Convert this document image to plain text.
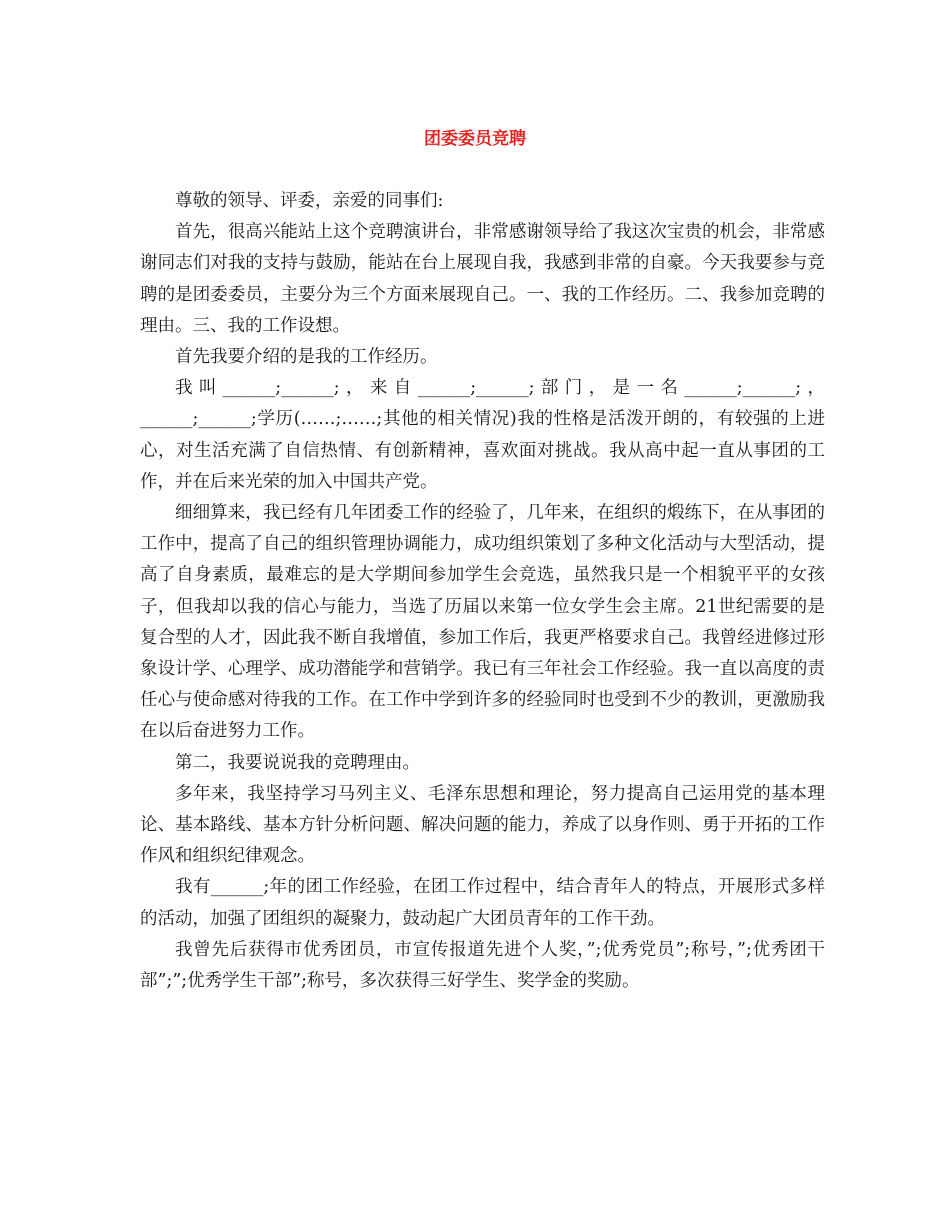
团委委员竞聘

尊敬的领导、评委，亲爱的同事们:

首先，很高兴能站上这个竞聘演讲台，非常感谢领导给了我这次宝贵的机会，非常感谢同志们对我的支持与鼓励，能站在台上展现自我，我感到非常的自豪。今天我要参与竞聘的是团委委员，主要分为三个方面来展现自己。一、我的工作经历。二、我参加竞聘的理由。三、我的工作设想。

首先我要介绍的是我的工作经历。

我叫______;______;，来自______;______;部门，是一名______;______;，______;______;学历(……;……;其他的相关情况)我的性格是活泼开朗的，有较强的上进心，对生活充满了自信热情、有创新精神，喜欢面对挑战。我从高中起一直从事团的工作，并在后来光荣的加入中国共产党。

细细算来，我已经有几年团委工作的经验了，几年来，在组织的煅练下，在从事团的工作中，提高了自己的组织管理协调能力，成功组织策划了多种文化活动与大型活动，提高了自身素质，最难忘的是大学期间参加学生会竞选，虽然我只是一个相貌平平的女孩子，但我却以我的信心与能力，当选了历届以来第一位女学生会主席。21世纪需要的是复合型的人才，因此我不断自我增值，参加工作后，我更严格要求自己。我曾经进修过形象设计学、心理学、成功潜能学和营销学。我已有三年社会工作经验。我一直以高度的责任心与使命感对待我的工作。在工作中学到许多的经验同时也受到不少的教训，更激励我在以后奋进努力工作。

第二，我要说说我的竞聘理由。

多年来，我坚持学习马列主义、毛泽东思想和理论，努力提高自己运用党的基本理论、基本路线、基本方针分析问题、解决问题的能力，养成了以身作则、勇于开拓的工作作风和组织纪律观念。

我有______;年的团工作经验，在团工作过程中，结合青年人的特点，开展形式多样的活动，加强了团组织的凝聚力，鼓动起广大团员青年的工作干劲。

我曾先后获得市优秀团员，市宣传报道先进个人奖，”;优秀党员”;称号，”;优秀团干部”;”;优秀学生干部”;称号，多次获得三好学生、奖学金的奖励。
